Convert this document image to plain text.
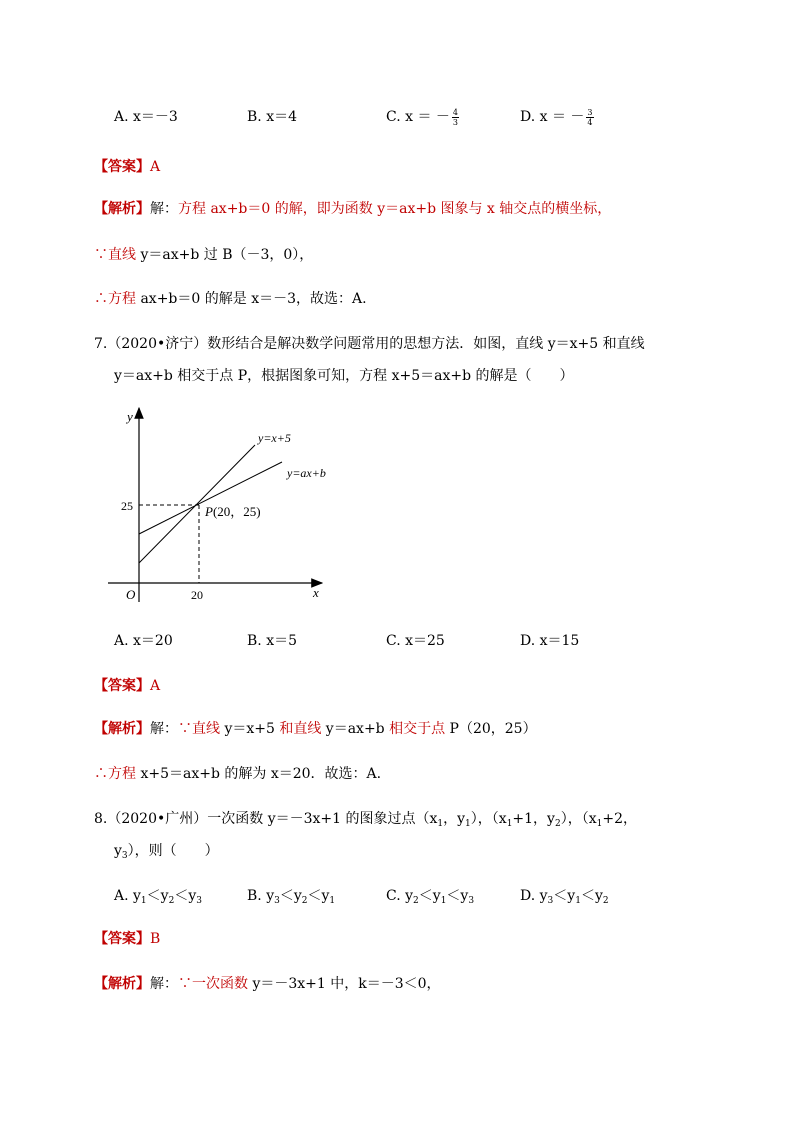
A. x＝－3	B. x＝4	C. x ＝ － $\frac{4}{3}$	D. x ＝ － $\frac{3}{4}$
【答案】A
【解析】解：方程 ax+b＝0 的解，即为函数 y＝ax+b 图象与 x 轴交点的横坐标，
∵直线 y＝ax+b 过 B（－3，0），
∴方程 ax+b＝0 的解是 x＝－3，故选：A.
7.（2020•济宁）数形结合是解决数学问题常用的思想方法．如图，直线 y＝x+5 和直线
y＝ax+b 相交于点 P，根据图象可知，方程 x+5＝ax+b 的解是（　　）
y
x
O
y=x+5
y=ax+b
25
20
P(20，25)
A. x＝20	B. x＝5	C. x＝25	D. x＝15
【答案】A
【解析】解：∵直线 y＝x+5 和直线 y＝ax+b 相交于点 P（20，25）
∴方程 x+5＝ax+b 的解为 x＝20．故选：A.
8.（2020•广州）一次函数 y＝－3x+1 的图象过点（$x_1$，$y_1$），（$x_1+1$，$y_2$），（$x_1+2$，
$y_3$），则（　　）
A. $y_1<y_2<y_3$	B. $y_3<y_2<y_1$	C. $y_2<y_1<y_3$	D. $y_3<y_1<y_2$
【答案】B
【解析】解：∵一次函数 y＝－3x+1 中，k＝－3＜0，
